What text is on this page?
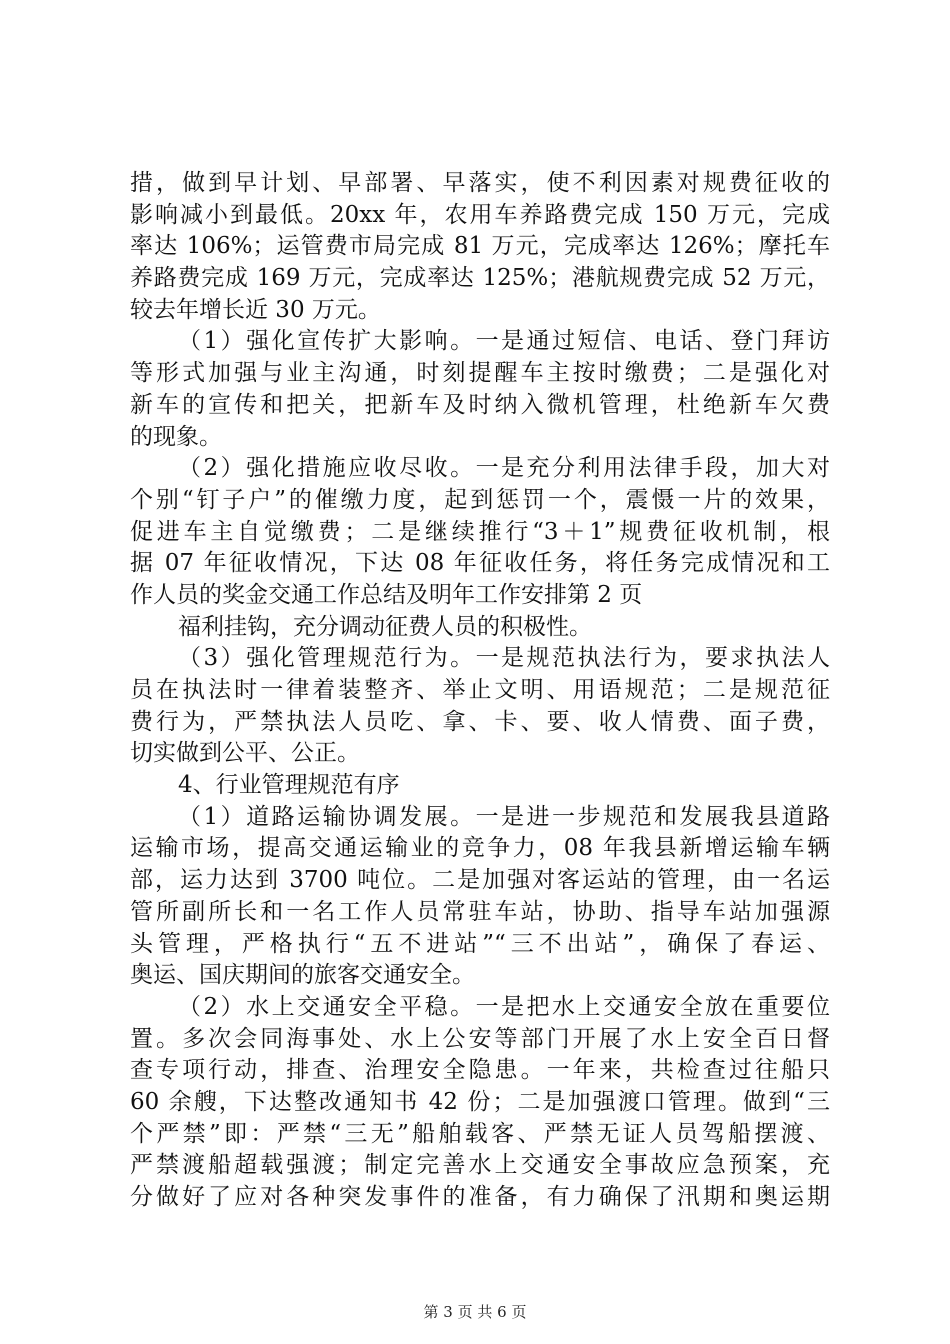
措，做到早计划、早部署、早落实，使不利因素对规费征收的
影响减小到最低。20xx 年，农用车养路费完成 150 万元，完成
率达 106%；运管费市局完成 81 万元，完成率达 126%；摩托车
养路费完成 169 万元，完成率达 125%；港航规费完成 52 万元，
较去年增长近 30 万元。
（1）强化宣传扩大影响。一是通过短信、电话、登门拜访
等形式加强与业主沟通，时刻提醒车主按时缴费；二是强化对
新车的宣传和把关，把新车及时纳入微机管理，杜绝新车欠费
的现象。
（2）强化措施应收尽收。一是充分利用法律手段，加大对
个别“钉子户”的催缴力度，起到惩罚一个，震慑一片的效果，
促进车主自觉缴费；二是继续推行“3＋1”规费征收机制，根
据 07 年征收情况，下达 08 年征收任务，将任务完成情况和工
作人员的奖金交通工作总结及明年工作安排第 2 页
福利挂钩，充分调动征费人员的积极性。
（3）强化管理规范行为。一是规范执法行为，要求执法人
员在执法时一律着装整齐、举止文明、用语规范；二是规范征
费行为，严禁执法人员吃、拿、卡、要、收人情费、面子费，
切实做到公平、公正。
4、行业管理规范有序
（1）道路运输协调发展。一是进一步规范和发展我县道路
运输市场，提高交通运输业的竞争力，08 年我县新增运输车辆
部，运力达到 3700 吨位。二是加强对客运站的管理，由一名运
管所副所长和一名工作人员常驻车站，协助、指导车站加强源
头管理，严格执行“五不进站”“三不出站”，确保了春运、
奥运、国庆期间的旅客交通安全。
（2）水上交通安全平稳。一是把水上交通安全放在重要位
置。多次会同海事处、水上公安等部门开展了水上安全百日督
查专项行动，排查、治理安全隐患。一年来，共检查过往船只
60 余艘，下达整改通知书 42 份；二是加强渡口管理。做到“三
个严禁”即：严禁“三无”船舶载客、严禁无证人员驾船摆渡、
严禁渡船超载强渡；制定完善水上交通安全事故应急预案，充
分做好了应对各种突发事件的准备，有力确保了汛期和奥运期
第 3 页 共 6 页
